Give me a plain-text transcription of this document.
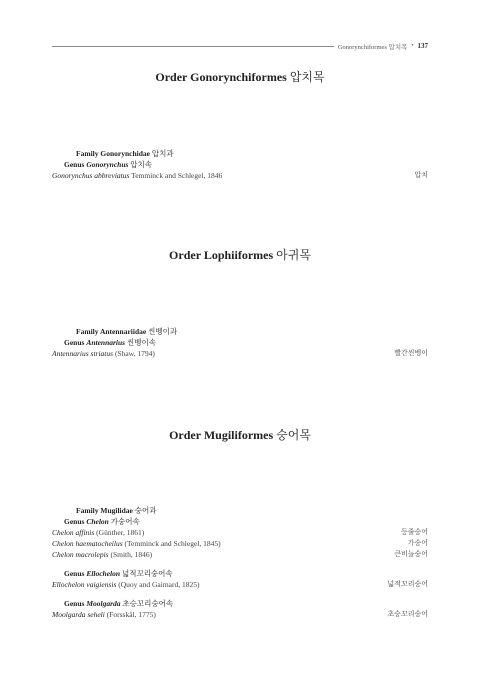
Gonorynchiformes 압치목 • 137
Order Gonorynchiformes 압치목
Family Gonorynchidae 압치과
Genus Gonorynchus 압치속
Gonorynchus abbreviatus Temminck and Schlegel, 1846	압치
Order Lophiiformes 아귀목
Family Antennariidae 씬벵이과
Genus Antennarius 씬벵이속
Antennarius striatus (Shaw, 1794)	빨간씬벵이
Order Mugiliformes 숭어목
Family Mugilidae 숭어과
Genus Chelon 가숭어속
Chelon affinis (Günther, 1861)	등줄숭어
Chelon haematocheilus (Temminck and Schlegel, 1845)	가숭어
Chelon macrolepis (Smith, 1846)	큰비늘숭어
Genus Ellochelon 넓적꼬리숭어속
Ellochelon vaigiensis (Quoy and Gaimard, 1825)	넓적꼬리숭어
Genus Moolgarda 초승꼬리숭어속
Moolgarda seheli (Forsskål, 1775)	초승꼬리숭어
